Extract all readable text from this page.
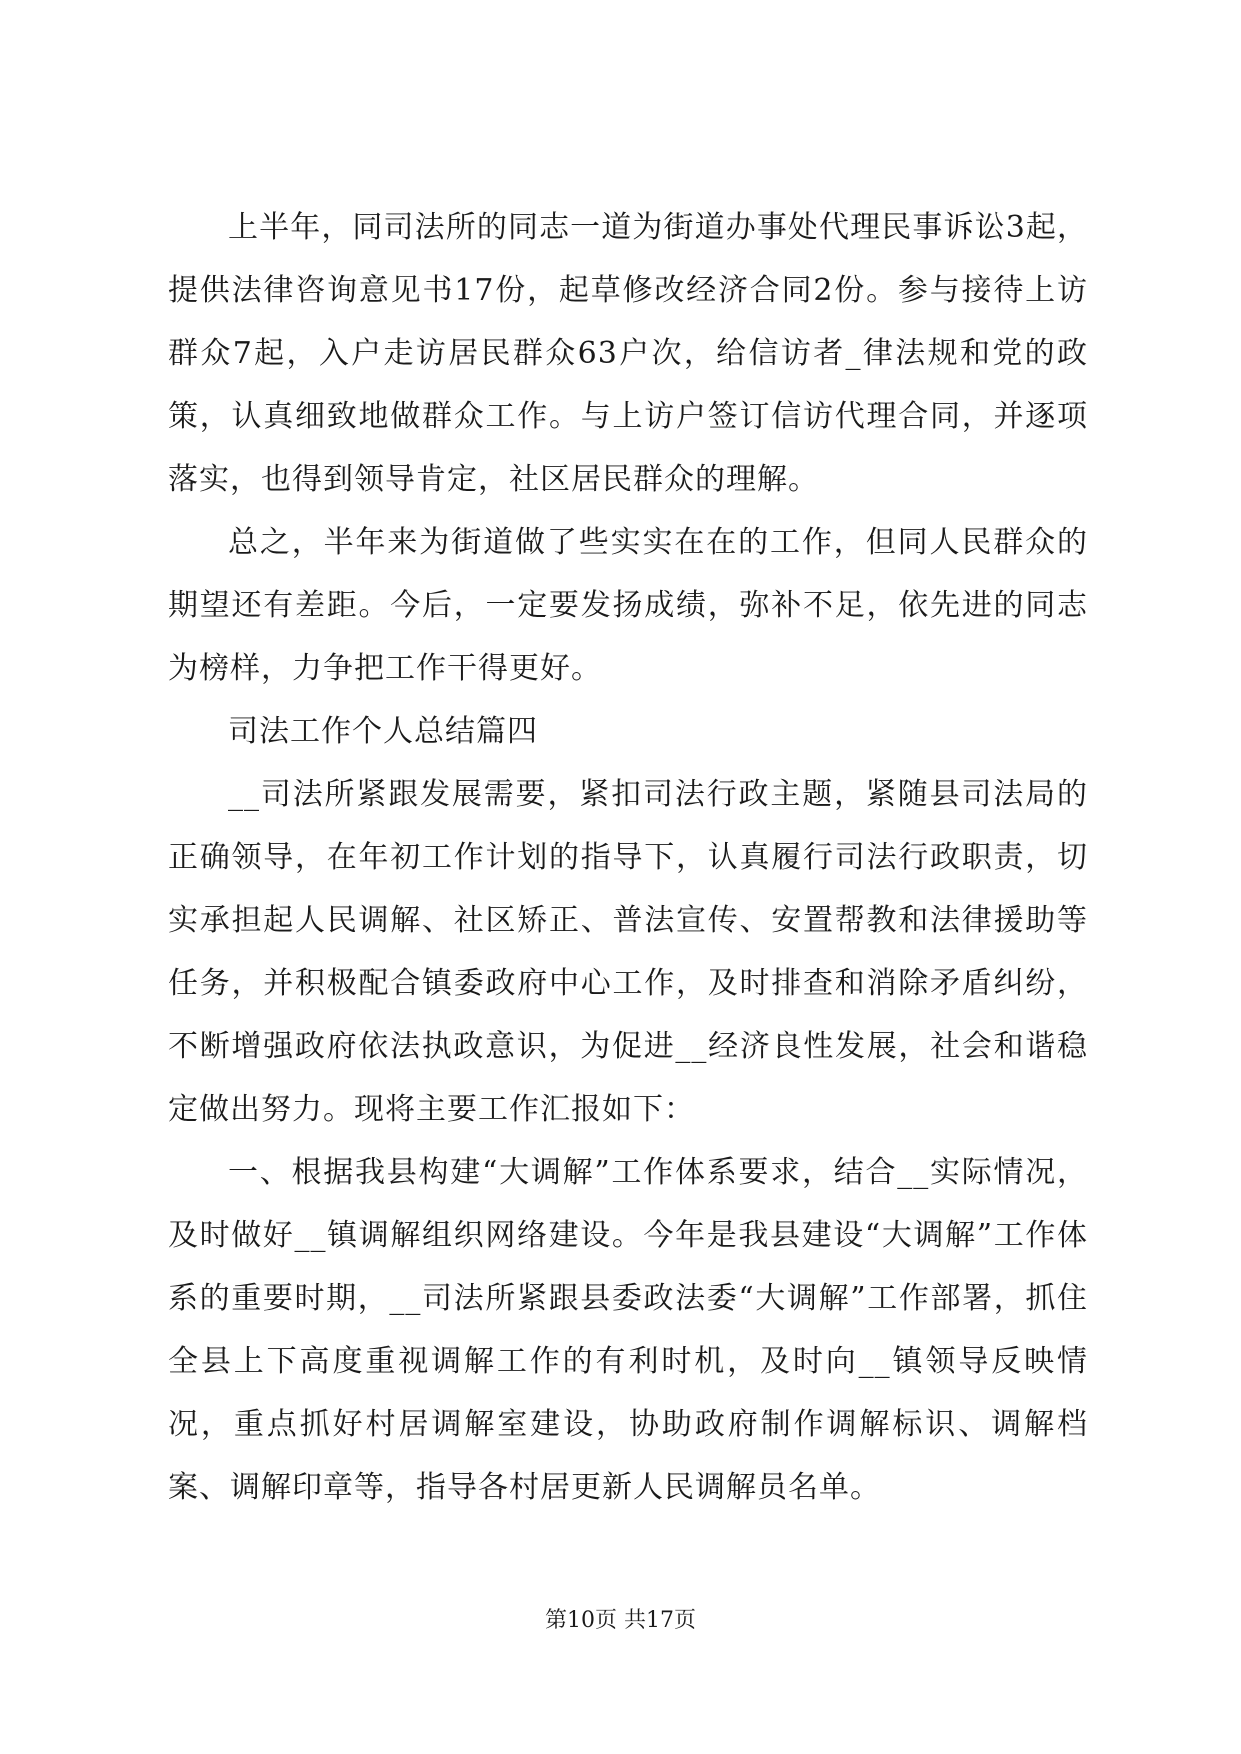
上半年，同司法所的同志一道为街道办事处代理民事诉讼3起，提供法律咨询意见书17份，起草修改经济合同2份。参与接待上访群众7起，入户走访居民群众63户次，给信访者_律法规和党的政策，认真细致地做群众工作。与上访户签订信访代理合同，并逐项落实，也得到领导肯定，社区居民群众的理解。

总之，半年来为街道做了些实实在在的工作，但同人民群众的期望还有差距。今后，一定要发扬成绩，弥补不足，依先进的同志为榜样，力争把工作干得更好。

司法工作个人总结篇四

__司法所紧跟发展需要，紧扣司法行政主题，紧随县司法局的正确领导，在年初工作计划的指导下，认真履行司法行政职责，切实承担起人民调解、社区矫正、普法宣传、安置帮教和法律援助等任务，并积极配合镇委政府中心工作，及时排查和消除矛盾纠纷，不断增强政府依法执政意识，为促进__经济良性发展，社会和谐稳定做出努力。现将主要工作汇报如下：

一、根据我县构建“大调解”工作体系要求，结合__实际情况，及时做好__镇调解组织网络建设。今年是我县建设“大调解”工作体系的重要时期，__司法所紧跟县委政法委“大调解”工作部署，抓住全县上下高度重视调解工作的有利时机，及时向__镇领导反映情况，重点抓好村居调解室建设，协助政府制作调解标识、调解档案、调解印章等，指导各村居更新人民调解员名单。

第10页 共17页
